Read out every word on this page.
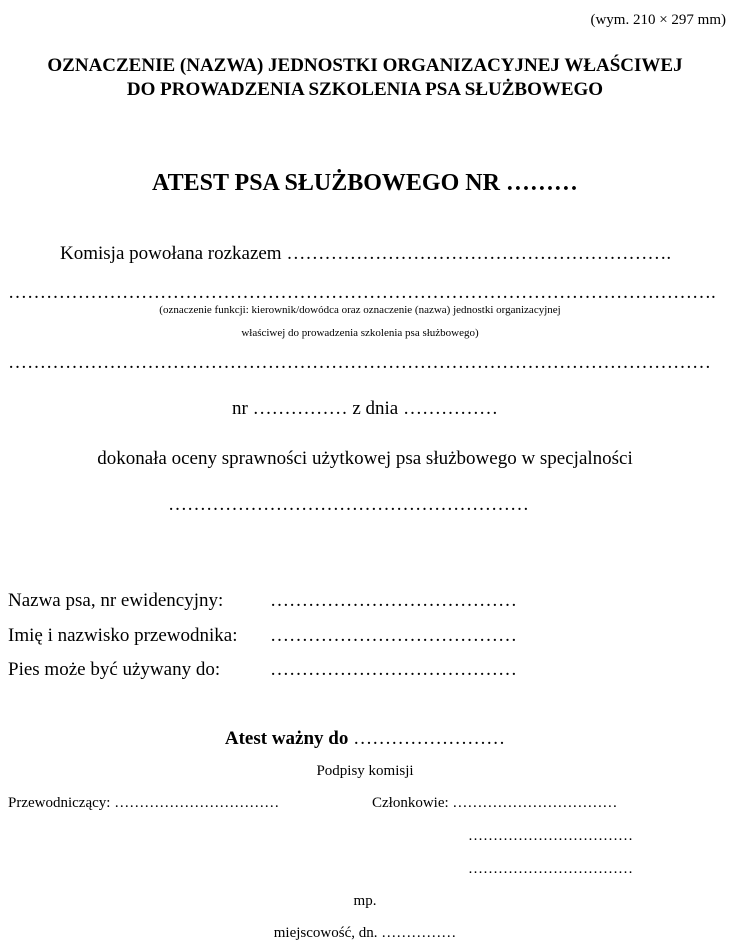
(wym. 210 × 297 mm)
OZNACZENIE (NAZWA) JEDNOSTKI ORGANIZACYJNEJ WŁAŚCIWEJ
DO PROWADZENIA SZKOLENIA PSA SŁUŻBOWEGO
ATEST PSA SŁUŻBOWEGO NR ………
Komisja powołana rozkazem …………………………………………………….
………………………………………………………………………………………………….
(oznaczenie funkcji: kierownik/dowódca oraz oznaczenie (nazwa) jednostki organizacyjnej
właściwej do prowadzenia szkolenia psa służbowego)
…………………………………………………………………………………………………
nr …………… z dnia ……………
dokonała oceny sprawności użytkowej psa służbowego w specjalności
…………………………………………………
Nazwa psa, nr ewidencyjny: …………………………………
Imię i nazwisko przewodnika: …………………………………
Pies może być używany do:	…………………………………
Atest ważny do ……………………
Podpisy komisji
Przewodniczący: ……………………………	Członkowie: ……………………………
……………………………
……………………………
mp.
miejscowość, dn. ……………
